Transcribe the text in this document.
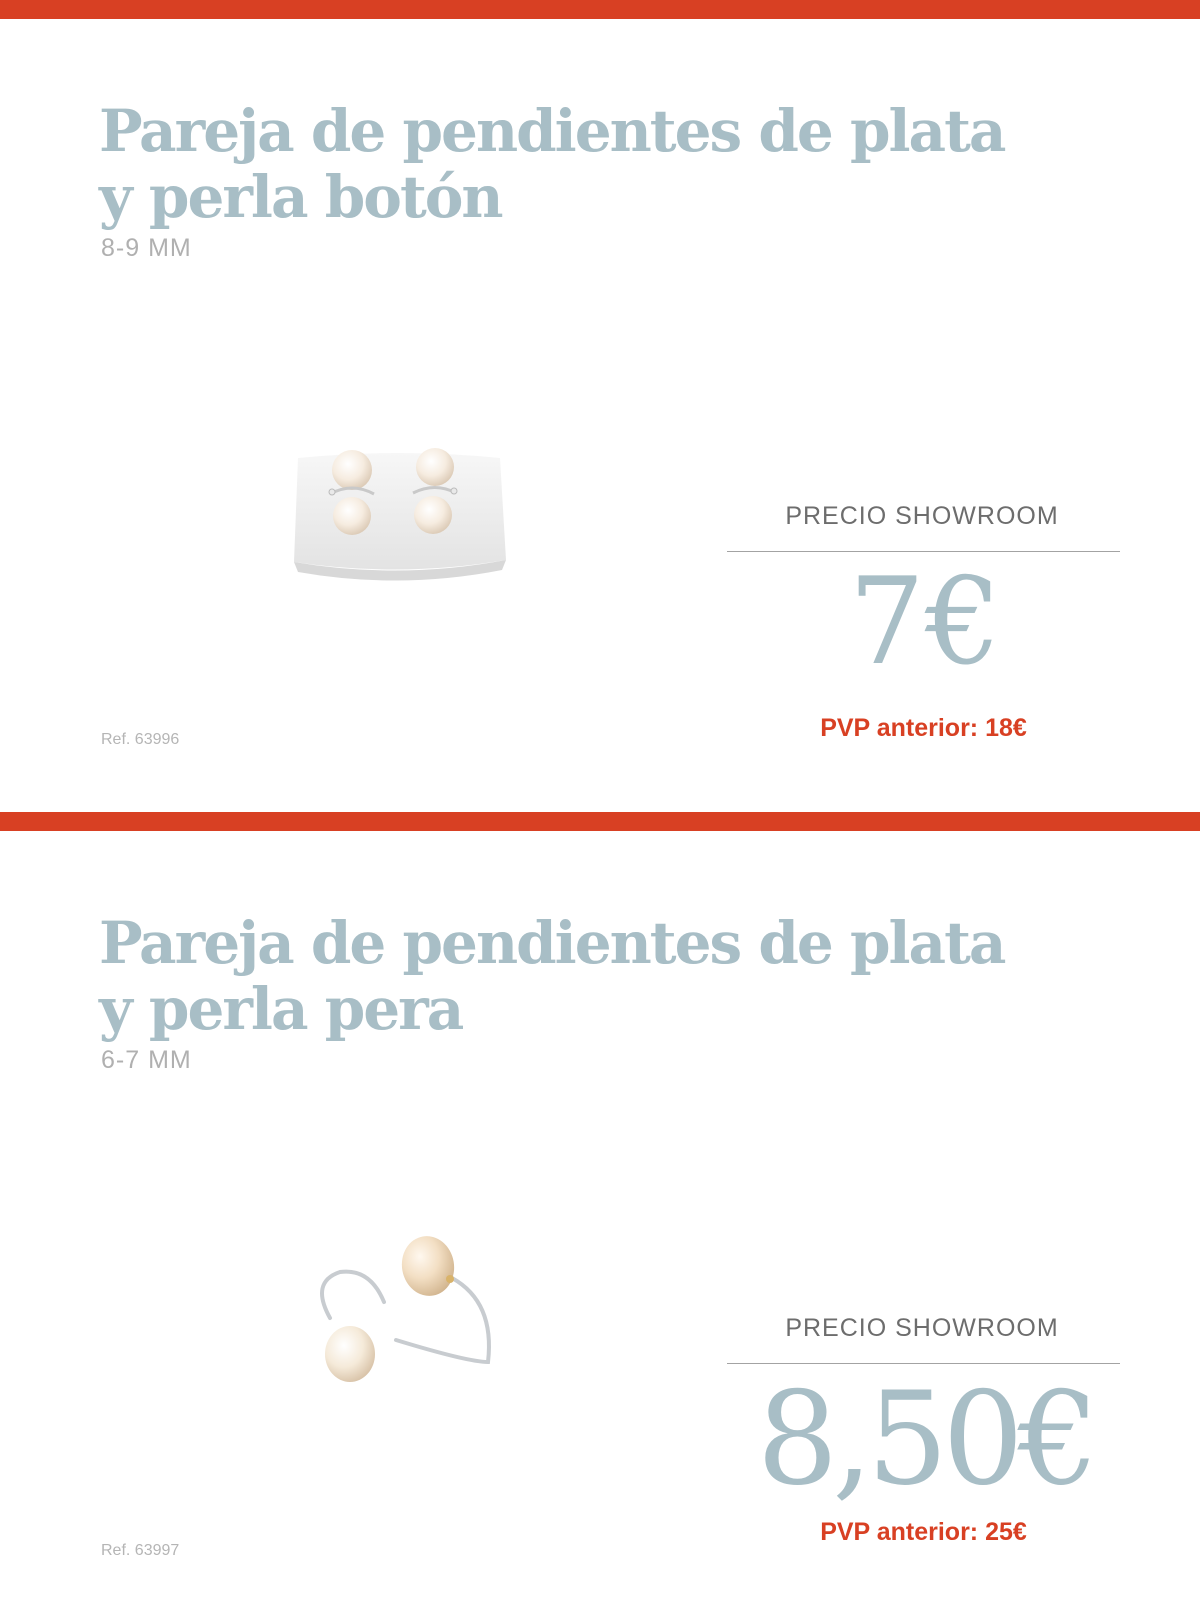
Pareja de pendientes de plata
y perla botón
8-9 MM
PRECIO SHOWROOM
7€
PVP anterior: 18€
Ref. 63996
Pareja de pendientes de plata
y perla pera
6-7 MM
PRECIO SHOWROOM
8,50€
PVP anterior: 25€
Ref. 63997
